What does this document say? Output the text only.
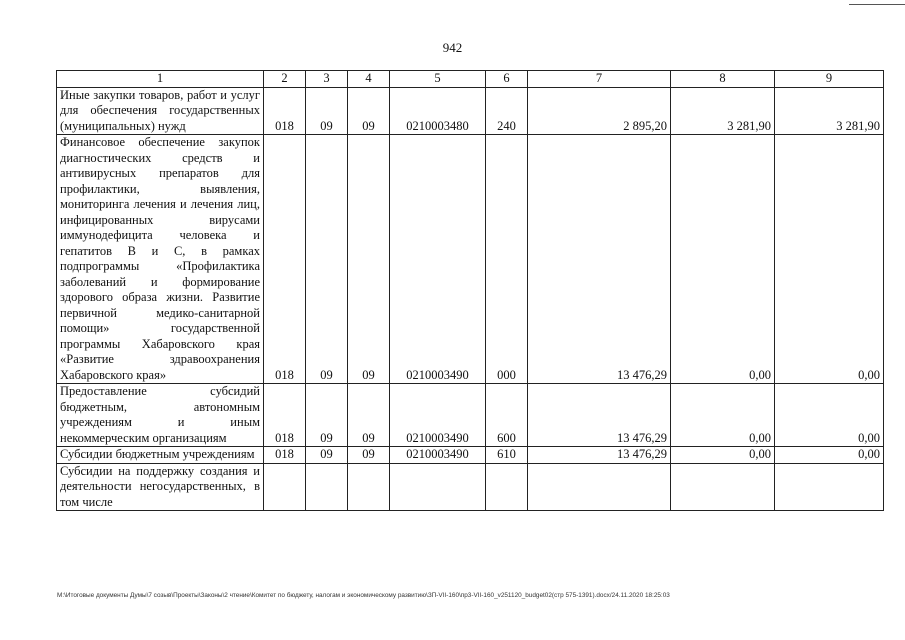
942
1	2	3	4	5	6	7	8	9
Иные закупки товаров, работ и услуг для обеспечения государственных (муниципальных) нужд	018	09	09	0210003480	240	2 895,20	3 281,90	3 281,90
Финансовое обеспечение закупок диагностических средств и антивирусных препаратов для профилактики, выявления, мониторинга лечения и лечения лиц, инфицированных вирусами иммунодефицита человека и гепатитов В и С, в рамках подпрограммы «Профилактика заболеваний и формирование здорового образа жизни. Развитие первичной медико-санитарной помощи» государственной программы Хабаровского края «Развитие здравоохранения Хабаровского края»	018	09	09	0210003490	000	13 476,29	0,00	0,00
Предоставление субсидий бюджетным, автономным учреждениям и иным некоммерческим организациям	018	09	09	0210003490	600	13 476,29	0,00	0,00
Субсидии бюджетным учреждениям	018	09	09	0210003490	610	13 476,29	0,00	0,00
Субсидии на поддержку создания и деятельности негосударственных, в том числе								
M:\Итоговые документы Думы\7 созыв\Проекты\Законы\2 чтение\Комитет по бюджету, налогам и экономическому развитию\ЗП-VII-160\пр3-VII-160_v251120_budget02(стр 575-1391).docx/24.11.2020 18:25:03
